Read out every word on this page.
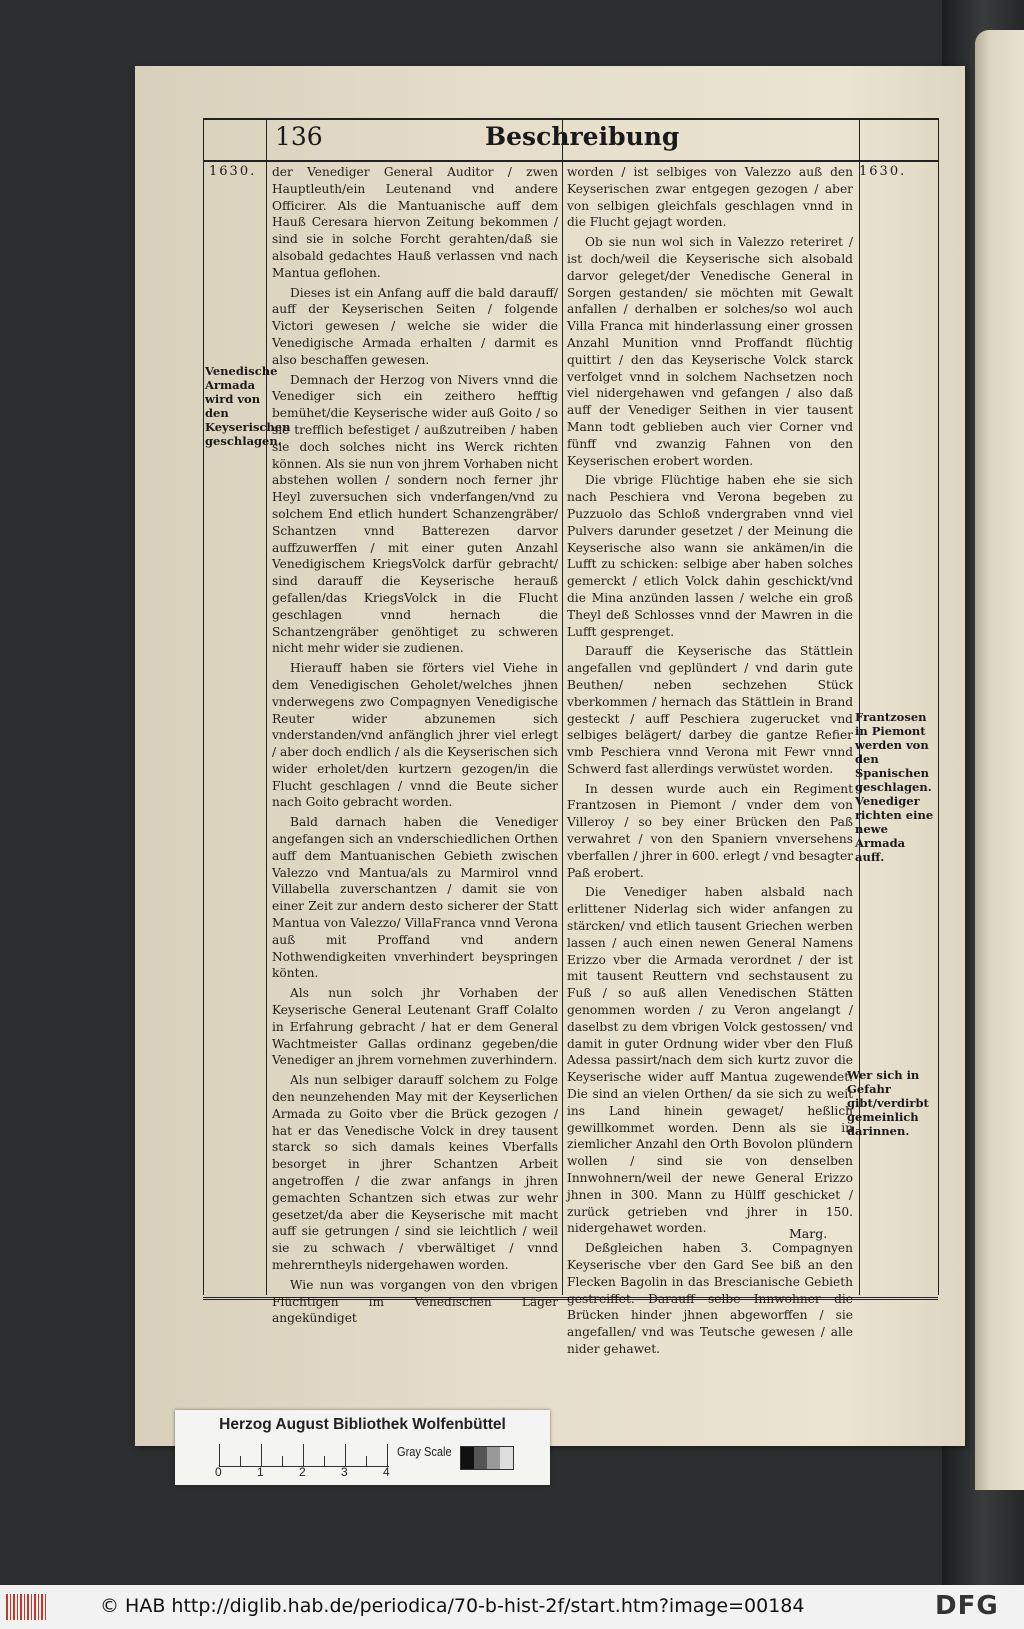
136	Beschreibung
1630.	1630.

der Venediger General Auditor / zwen Hauptleuth/ein Leutenand vnd andere Officirer. Als die Mantuanische auff dem Hauß Ceresara hiervon Zeitung bekommen / sind sie in solche Forcht gerahten/daß sie alsobald gedachtes Hauß verlassen vnd nach Mantua geflohen.

Dieses ist ein Anfang auff die bald darauff/ auff der Keyserischen Seiten / folgende Victori gewesen / welche sie wider die Venedigische Armada erhalten / darmit es also beschaffen gewesen.

Demnach der Herzog von Nivers vnnd die Venediger sich ein zeithero hefftig bemühet/die Keyserische wider auß Goito / so sie trefflich befestiget / außzutreiben / haben sie doch solches nicht ins Werck richten können. Als sie nun von jhrem Vorhaben nicht abstehen wollen / sondern noch ferner jhr Heyl zuversuchen sich vnderfangen/vnd zu solchem End etlich hundert Schanzengräber/ Schantzen vnnd Batterezen darvor auffzuwerffen / mit einer guten Anzahl Venedigischem KriegsVolck darfür gebracht/ sind darauff die Keyserische herauß gefallen/das KriegsVolck in die Flucht geschlagen vnnd hernach die Schantzengräber genöhtiget zu schweren nicht mehr wider sie zudienen.

Hierauff haben sie förters viel Viehe in dem Venedigischen Geholet/welches jhnen vnderwegens zwo Compagnyen Venedigische Reuter wider abzunemen sich vnderstanden/vnd anfänglich jhrer viel erlegt / aber doch endlich / als die Keyserischen sich wider erholet/den kurtzern gezogen/in die Flucht geschlagen / vnnd die Beute sicher nach Goito gebracht worden.

Bald darnach haben die Venediger angefangen sich an vnderschiedlichen Orthen auff dem Mantuanischen Gebieth zwischen Valezzo vnd Mantua/als zu Marmirol vnnd Villabella zuverschantzen / damit sie von einer Zeit zur andern desto sicherer der Statt Mantua von Valezzo/ VillaFranca vnnd Verona auß mit Proffand vnd andern Nothwendigkeiten vnverhindert beyspringen könten.

Als nun solch jhr Vorhaben der Keyserische General Leutenant Graff Colalto in Erfahrung gebracht / hat er dem General Wachtmeister Gallas ordinanz gegeben/die Venediger an jhrem vornehmen zuverhindern.

Als nun selbiger darauff solchem zu Folge den neunzehenden May mit der Keyserlichen Armada zu Goito vber die Brück gezogen / hat er das Venedische Volck in drey tausent starck so sich damals keines Vberfalls besorget in jhrer Schantzen Arbeit angetroffen / die zwar anfangs in jhren gemachten Schantzen sich etwas zur wehr gesetzet/da aber die Keyserische mit macht auff sie getrungen / sind sie leichtlich / weil sie zu schwach / vberwältiget / vnnd mehrerntheyls nidergehawen worden.

Wie nun was vorgangen von den vbrigen Flüchtigen im Venedischen Läger angekündiget

worden / ist selbiges von Valezzo auß den Keyserischen zwar entgegen gezogen / aber von selbigen gleichfals geschlagen vnnd in die Flucht gejagt worden.

Ob sie nun wol sich in Valezzo reteriret / ist doch/weil die Keyserische sich alsobald darvor geleget/der Venedische General in Sorgen gestanden/ sie möchten mit Gewalt anfallen / derhalben er solches/so wol auch Villa Franca mit hinderlassung einer grossen Anzahl Munition vnnd Proffandt flüchtig quittirt / den das Keyserische Volck starck verfolget vnnd in solchem Nachsetzen noch viel nidergehawen vnd gefangen / also daß auff der Venediger Seithen in vier tausent Mann todt geblieben auch vier Corner vnd fünff vnd zwanzig Fahnen von den Keyserischen erobert worden.

Die vbrige Flüchtige haben ehe sie sich nach Peschiera vnd Verona begeben zu Puzzuolo das Schloß vndergraben vnnd viel Pulvers darunder gesetzet / der Meinung die Keyserische also wann sie ankämen/in die Lufft zu schicken: selbige aber haben solches gemerckt / etlich Volck dahin geschickt/vnd die Mina anzünden lassen / welche ein groß Theyl deß Schlosses vnnd der Mawren in die Lufft gesprenget.

Darauff die Keyserische das Stättlein angefallen vnd geplündert / vnd darin gute Beuthen/ neben sechzehen Stück vberkommen / hernach das Stättlein in Brand gesteckt / auff Peschiera zugerucket vnd selbiges belägert/ darbey die gantze Refier vmb Peschiera vnnd Verona mit Fewr vnnd Schwerd fast allerdings verwüstet worden.

In dessen wurde auch ein Regiment Frantzosen in Piemont / vnder dem von Villeroy / so bey einer Brücken den Paß verwahret / von den Spaniern vnversehens vberfallen / jhrer in 600. erlegt / vnd besagter Paß erobert.

Die Venediger haben alsbald nach erlittener Niderlag sich wider anfangen zu stärcken/ vnd etlich tausent Griechen werben lassen / auch einen newen General Namens Erizzo vber die Armada verordnet / der ist mit tausent Reuttern vnd sechstausent zu Fuß / so auß allen Venedischen Stätten genommen worden / zu Veron angelangt / daselbst zu dem vbrigen Volck gestossen/ vnd damit in guter Ordnung wider vber den Fluß Adessa passirt/nach dem sich kurtz zuvor die Keyserische wider auff Mantua zugewendet. Die sind an vielen Orthen/ da sie sich zu weit ins Land hinein gewaget/ heßlich gewillkommet worden. Denn als sie in ziemlicher Anzahl den Orth Bovolon plündern wollen / sind sie von denselben Innwohnern/weil der newe General Erizzo jhnen in 300. Mann zu Hülff geschicket / zurück getrieben vnd jhrer in 150. nidergehawet worden.

Deßgleichen haben 3. Compagnyen Keyserische vber den Gard See biß an den Flecken Bagolin in das Brescianische Gebieth gestreiffet. Darauff selbe Innwohner die Brücken hinder jhnen abgeworffen / sie angefallen/ vnd was Teutsche gewesen / alle nider gehawet.

Venedische Armada wird von den Keyserischen geschlagen.
Frantzosen in Piemont werden von den Spanischen geschlagen. Venediger richten eine newe Armada auff.
Wer sich in Gefahr gibt/verdirbt gemeinlich darinnen.
Marg.
Herzog August Bibliothek Wolfenbüttel
0	1	2	3	4
Gray Scale
© HAB http://diglib.hab.de/periodica/70-b-hist-2f/start.htm?image=00184	DFG
